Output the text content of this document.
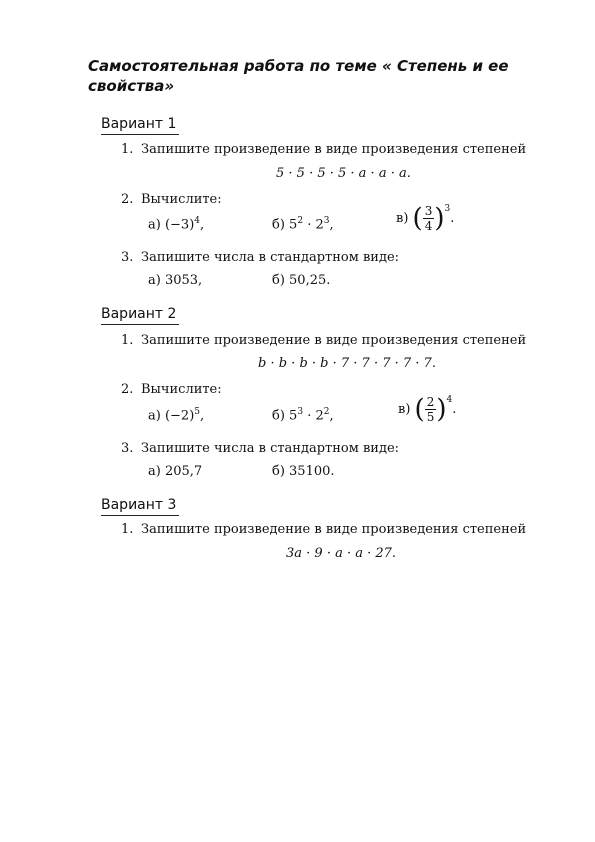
Самостоятельная работа по теме « Степень и ее свойства»
Вариант 1
1. Запишите произведение в виде произведения степеней
5 · 5 · 5 · 5 · a · a · a.
2. Вычислите:
а) $(-3)^4$,	б) $5^2 \cdot 2^3$,	в) ( $\frac{3}{4} )^3$.
3. Запишите числа в стандартном виде:
а) 3053,	б) 50,25.
Вариант 2
1. Запишите произведение в виде произведения степеней
b · b · b · b · 7 · 7 · 7 · 7 · 7.
2. Вычислите:
а) $(-2)^5$,	б) $5^3 \cdot 2^2$,	в) ( $\frac{2}{5} )^4$.
3. Запишите числа в стандартном виде:
а) 205,7	б) 35100.
Вариант 3
1. Запишите произведение в виде произведения степеней
3a · 9 · a · a · 27.
